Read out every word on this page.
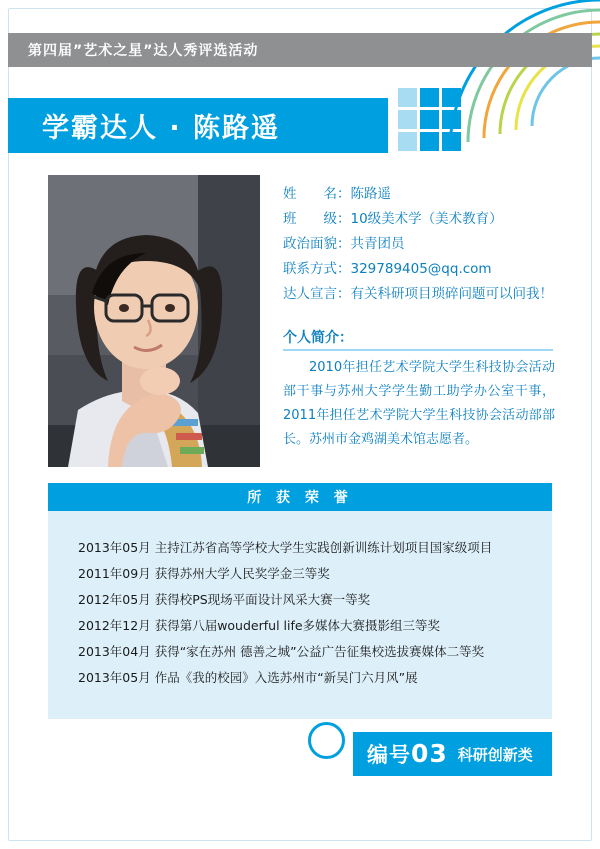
第四届”艺术之星”达人秀评选活动
学霸达人 · 陈路遥
姓　　名：陈路遥
班　　级：10级美术学（美术教育）
政治面貌：共青团员
联系方式：329789405@qq.com
达人宣言：有关科研项目琐碎问题可以问我！
个人简介：
2010年担任艺术学院大学生科技协会活动部干事与苏州大学学生勤工助学办公室干事，2011年担任艺术学院大学生科技协会活动部部长。苏州市金鸡湖美术馆志愿者。
所 获 荣 誉
2013年05月 主持江苏省高等学校大学生实践创新训练计划项目国家级项目
2011年09月 获得苏州大学人民奖学金三等奖
2012年05月 获得校PS现场平面设计风采大赛一等奖
2012年12月 获得第八届wouderful life多媒体大赛摄影组三等奖
2013年04月 获得“家在苏州 德善之城”公益广告征集校选拔赛媒体二等奖
2013年05月 作品《我的校园》入选苏州市“新吴门六月风”展
编号03 科研创新类
